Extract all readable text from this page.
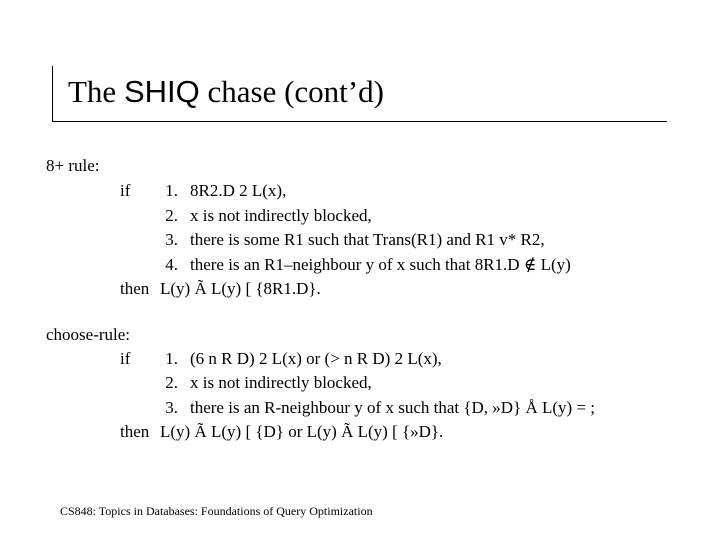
The SHIQ chase (cont’d)
8+ rule:
if	1. 8R2.D 2 L(x),
2. x is not indirectly blocked,
3. there is some R1 such that Trans(R1) and R1 v* R2,
4. there is an R1–neighbour y of x such that 8R1.D ∉ L(y)
then L(y) Ã L(y) [ {8R1.D}.
choose-rule:
if	1. (6 n R D) 2 L(x) or (> n R D) 2 L(x),
2. x is not indirectly blocked,
3. there is an R-neighbour y of x such that {D, »D} Å L(y) = ;
then L(y) Ã L(y) [ {D} or L(y) Ã L(y) [ {»D}.
CS848: Topics in Databases: Foundations of Query Optimization
